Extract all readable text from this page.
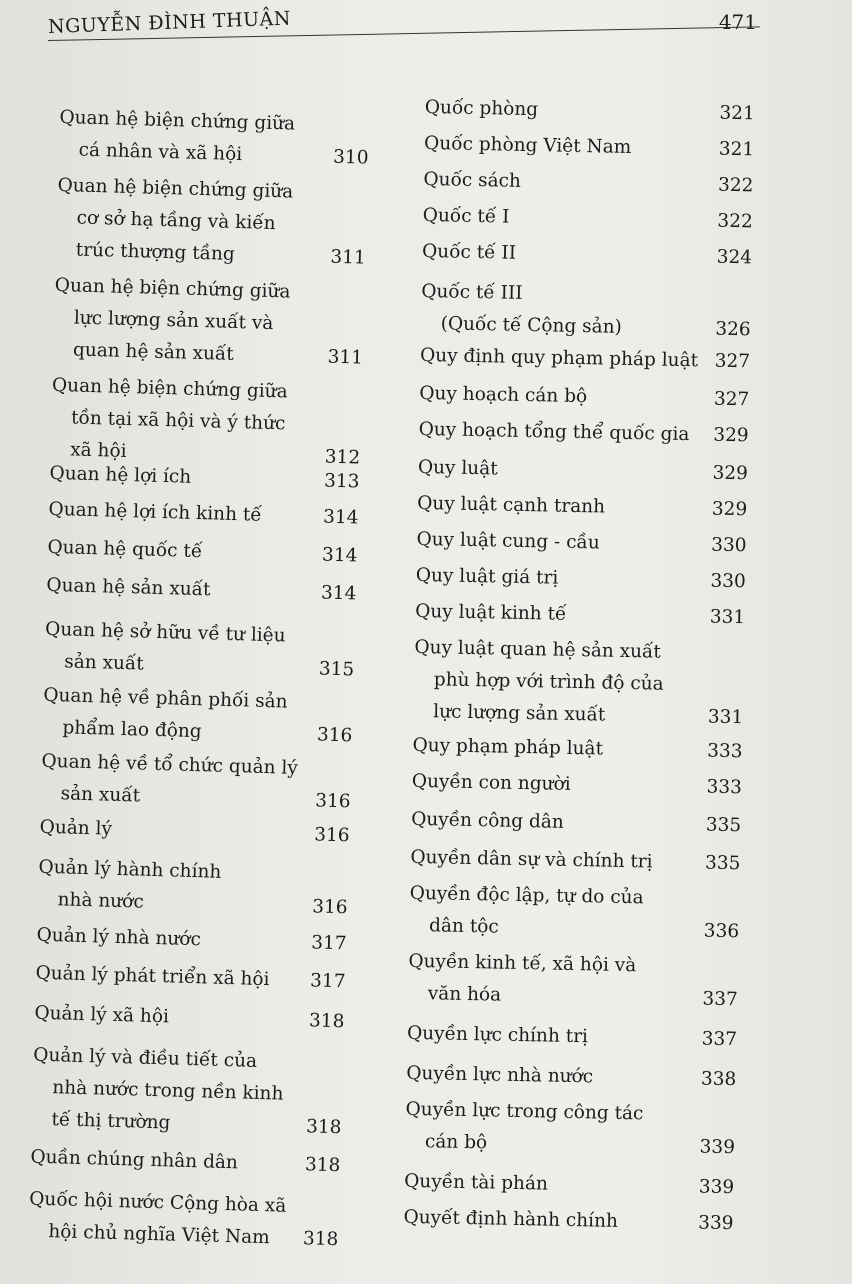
NGUYỄN ĐÌNH THUẬN	471
Quan hệ biện chứng giữa
cá nhân và xã hội	310
Quan hệ biện chứng giữa
cơ sở hạ tầng và kiến
trúc thượng tầng	311
Quan hệ biện chứng giữa
lực lượng sản xuất và
quan hệ sản xuất	311
Quan hệ biện chứng giữa
tồn tại xã hội và ý thức
xã hội	312
Quan hệ lợi ích	313
Quan hệ lợi ích kinh tế	314
Quan hệ quốc tế	314
Quan hệ sản xuất	314
Quan hệ sở hữu về tư liệu
sản xuất	315
Quan hệ về phân phối sản
phẩm lao động	316
Quan hệ về tổ chức quản lý
sản xuất	316
Quản lý	316
Quản lý hành chính
nhà nước	316
Quản lý nhà nước	317
Quản lý phát triển xã hội	317
Quản lý xã hội	318
Quản lý và điều tiết của
nhà nước trong nền kinh
tế thị trường	318
Quần chúng nhân dân	318
Quốc hội nước Cộng hòa xã
hội chủ nghĩa Việt Nam	318
Quốc phòng	321
Quốc phòng Việt Nam	321
Quốc sách	322
Quốc tế I	322
Quốc tế II	324
Quốc tế III
(Quốc tế Cộng sản)	326
Quy định quy phạm pháp luật 327
Quy hoạch cán bộ	327
Quy hoạch tổng thể quốc gia	329
Quy luật	329
Quy luật cạnh tranh	329
Quy luật cung - cầu	330
Quy luật giá trị	330
Quy luật kinh tế	331
Quy luật quan hệ sản xuất
phù hợp với trình độ của
lực lượng sản xuất	331
Quy phạm pháp luật	333
Quyền con người	333
Quyền công dân	335
Quyền dân sự và chính trị	335
Quyền độc lập, tự do của
dân tộc	336
Quyền kinh tế, xã hội và
văn hóa	337
Quyền lực chính trị	337
Quyền lực nhà nước	338
Quyền lực trong công tác
cán bộ	339
Quyền tài phán	339
Quyết định hành chính	339
